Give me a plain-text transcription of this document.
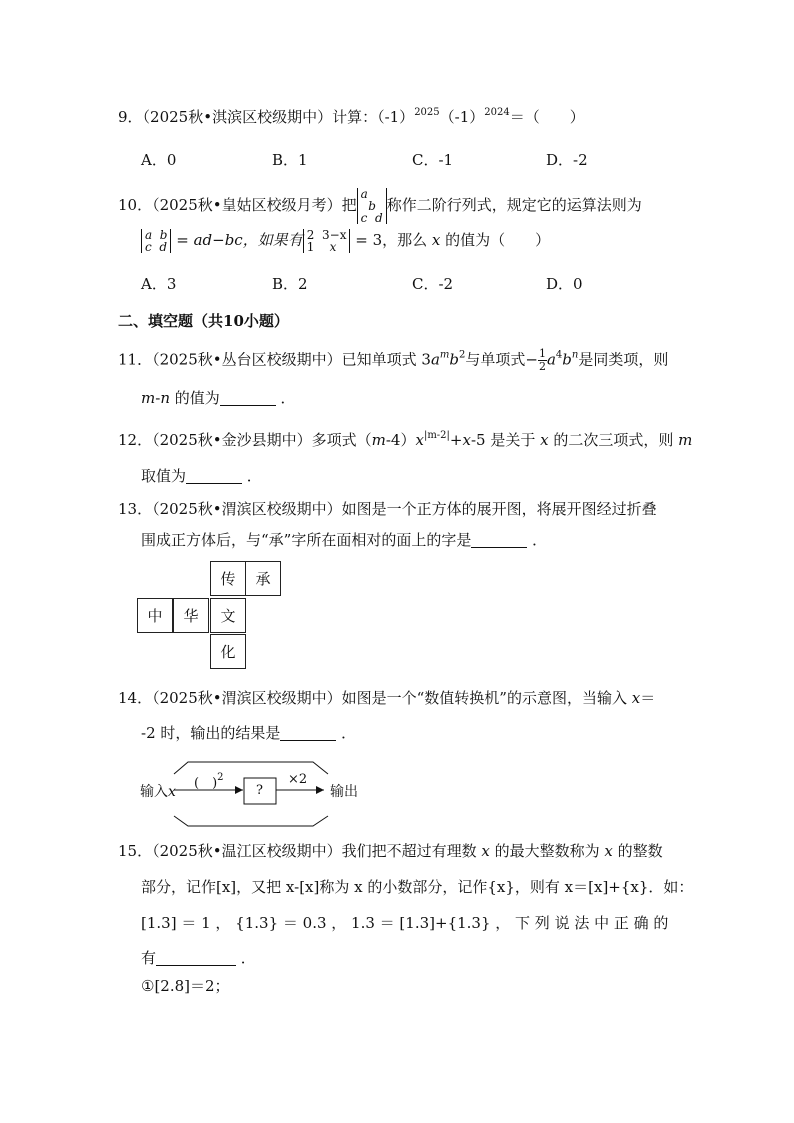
9．（2025秋•淇滨区校级期中）计算：$(-1)^{2025}(-1)^{2024}=$（　　）
A．0	B．1	C．-1	D．-2
10．（2025秋•皇姑区校级月考）把
a
b
c d
称作二阶行列式，规定它的运算法则为
a b
c d = ad−bc，如果有 2 3−x
1 x = 3，那么 x 的值为（　　）
A．3	B．2	C．-2	D．0
二、填空题（共10小题）
11．（2025秋•丛台区校级期中）已知单项式 $3a^mb^2$与单项式− $\frac{1}{2} a^4b^n$是同类项，则
m-n 的值为	．
12．（2025秋•金沙县期中）多项式$(m-4)x^{|m-2|}+x-5$ 是关于 x 的二次三项式，则 m
取值为	．
13．（2025秋•渭滨区校级期中）如图是一个正方体的展开图，将展开图经过折叠
围成正方体后，与“承”字所在面相对的面上的字是	．
传	承
中	华	文
化
14．（2025秋•渭滨区校级期中）如图是一个“数值转换机”的示意图，当输入 x＝
-2 时，输出的结果是	．
输入x
(　)$^2$
?
×2
输出
15．（2025秋•温江区校级期中）我们把不超过有理数 x 的最大整数称为 x 的整数
部分，记作[x]，又把 x-[x]称为 x 的小数部分，记作{x}，则有 x＝[x]+{x}．如：
[1.3] ＝ 1 ， {1.3} ＝ 0.3 ， 1.3 ＝ [1.3]+{1.3} ， 下 列 说 法 中 正 确 的
有	．
①[2.8]＝2；
